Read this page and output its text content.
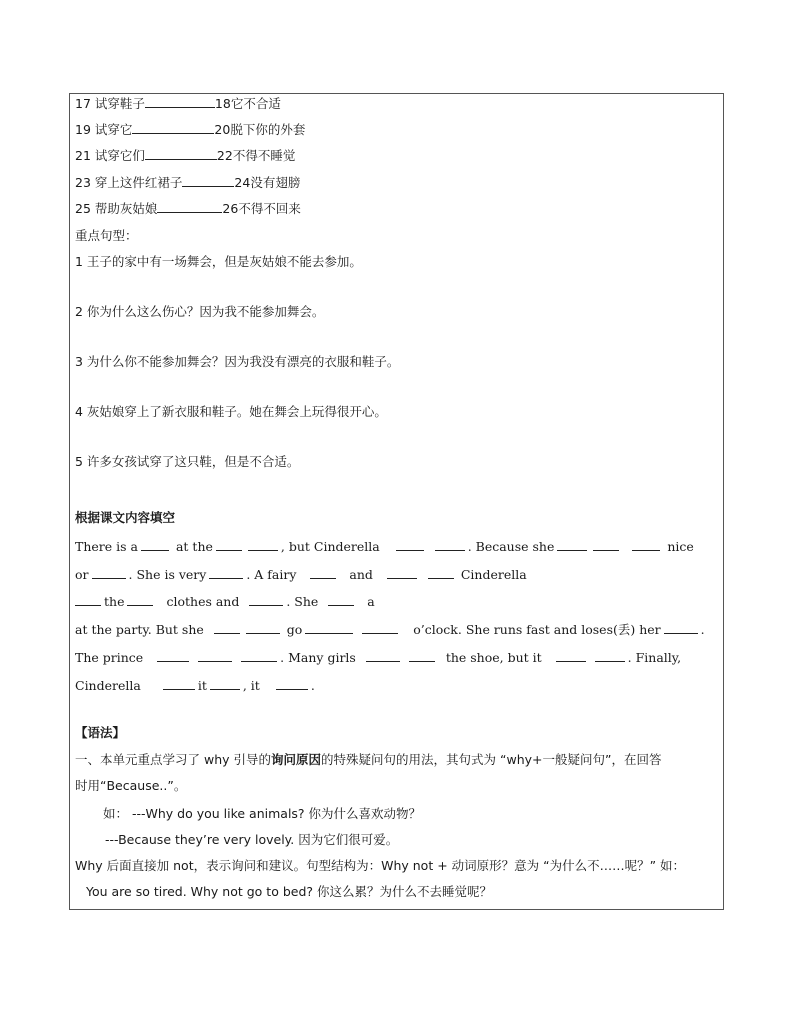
17 试穿鞋子	18它不合适
19 试穿它	20脱下你的外套
21 试穿它们	22不得不睡觉
23 穿上这件红裙子	24没有翅膀
25 帮助灰姑娘	26不得不回来
重点句型：
1 王子的家中有一场舞会，但是灰姑娘不能去参加。
2 你为什么这么伤心？因为我不能参加舞会。
3 为什么你不能参加舞会？因为我没有漂亮的衣服和鞋子。
4 灰姑娘穿上了新衣服和鞋子。她在舞会上玩得很开心。
5 许多女孩试穿了这只鞋，但是不合适。
根据课文内容填空
There is a	at the	, but Cinderella	. Because she	nice
or	. She is very	. A fairy	and	Cinderella
the	clothes and	. She	a
at the party. But she	go	o’clock. She runs fast and loses(丢) her	.
The prince	. Many girls	the shoe, but it	. Finally,
Cinderella	it	, it	.
【语法】
一、本单元重点学习了 why 引导的询问原因的特殊疑问句的用法，其句式为 “why+一般疑问句”，在回答
时用“Because..”。
如： ---Why do you like animals? 你为什么喜欢动物？
---Because they’re very lovely. 因为它们很可爱。
Why 后面直接加 not，表示询问和建议。句型结构为：Why not + 动词原形？意为 “为什么不……呢？” 如：
You are so tired. Why not go to bed? 你这么累？为什么不去睡觉呢？
